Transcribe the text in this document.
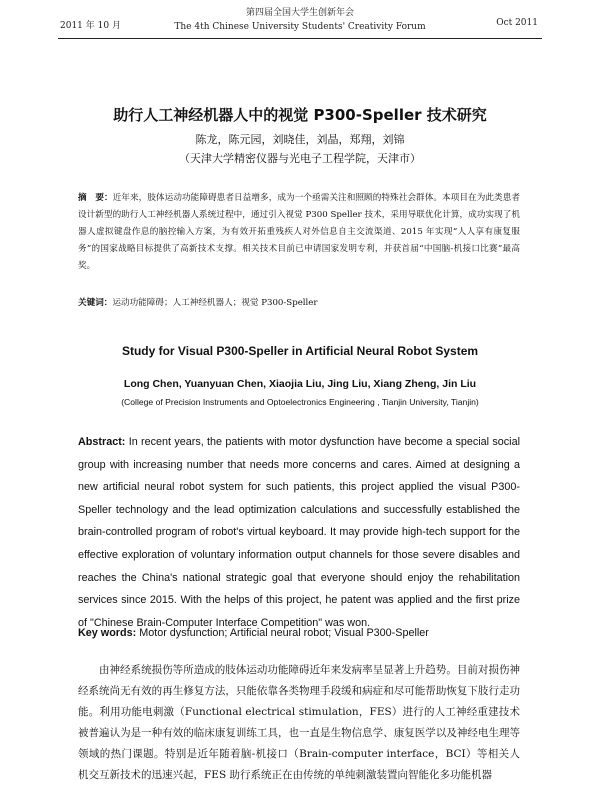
2011 年 10 月
第四届全国大学生创新年会
The 4th Chinese University Students' Creativity Forum	Oct 2011
助行人工神经机器人中的视觉 P300-Speller 技术研究
陈龙，陈元园，刘晓佳，刘晶，郑翔，刘锦
（天津大学精密仪器与光电子工程学院，天津市）
摘　要：近年来，肢体运动功能障碍患者日益增多，成为一个亟需关注和照顾的特殊社会群体。本项目在为此类患者设计新型的助行人工神经机器人系统过程中，通过引入视觉 P300 Speller 技术，采用导联优化计算，成功实现了机器人虚拟键盘作息的脑控输入方案，为有效开拓重残疾人对外信息自主交流渠道、2015 年实现“人人享有康复服务”的国家战略目标提供了高新技术支撑。相关技术目前已申请国家发明专利，并获首届“中国脑-机接口比赛”最高奖。
关键词：运动功能障碍；人工神经机器人；视觉 P300-Speller
Study for Visual P300-Speller in Artificial Neural Robot System
Long Chen, Yuanyuan Chen, Xiaojia Liu, Jing Liu, Xiang Zheng, Jin Liu
(College of Precision Instruments and Optoelectronics Engineering , Tianjin University, Tianjin)
Abstract: In recent years, the patients with motor dysfunction have become a special social group with increasing number that needs more concerns and cares. Aimed at designing a new artificial neural robot system for such patients, this project applied the visual P300-Speller technology and the lead optimization calculations and successfully established the brain-controlled program of robot's virtual keyboard. It may provide high-tech support for the effective exploration of voluntary information output channels for those severe disables and reaches the China's national strategic goal that everyone should enjoy the rehabilitation services since 2015. With the helps of this project, he patent was applied and the first prize of "Chinese Brain-Computer Interface Competition" was won.
Key words: Motor dysfunction; Artificial neural robot; Visual P300-Speller
由神经系统损伤等所造成的肢体运动功能障碍近年来发病率呈显著上升趋势。目前对损伤神经系统尚无有效的再生修复方法，只能依靠各类物理手段缓和病症和尽可能帮助恢复下肢行走功能。利用功能电刺激（Functional electrical stimulation，FES）进行的人工神经重建技术被普遍认为是一种有效的临床康复训练工具，也一直是生物信息学、康复医学以及神经电生理等领域的热门课题。特别是近年随着脑-机接口（Brain-computer interface，BCI）等相关人机交互新技术的迅速兴起，FES 助行系统正在由传统的单纯刺激装置向智能化多功能机器
